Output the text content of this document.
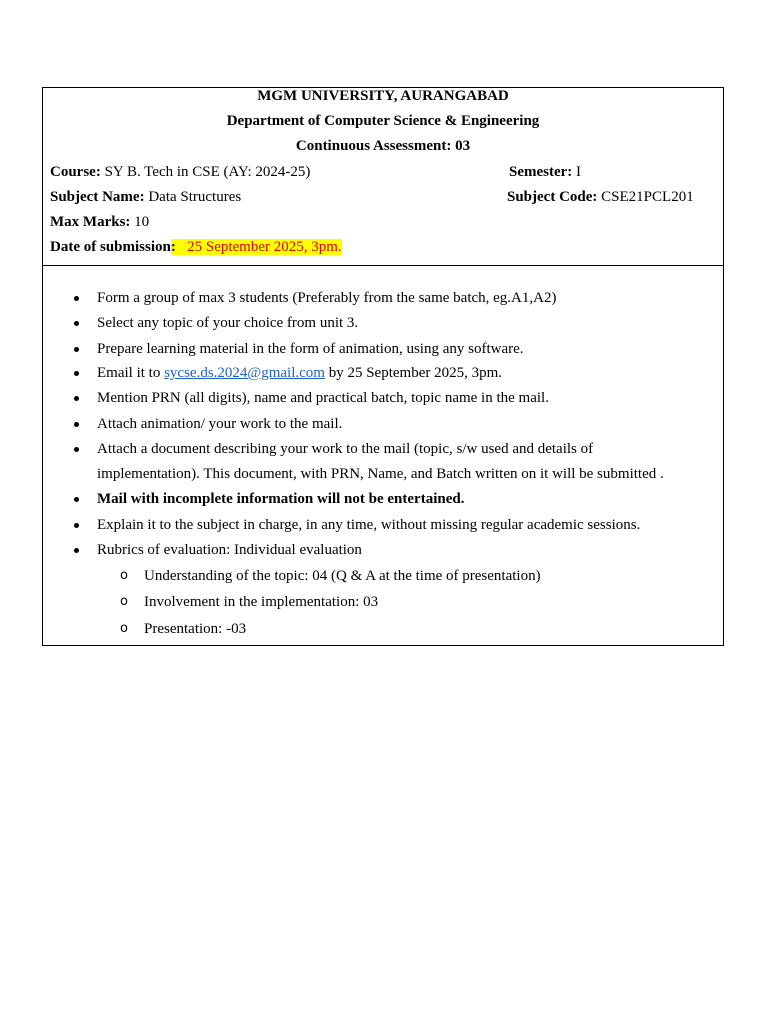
MGM UNIVERSITY, AURANGABAD
Department of Computer Science & Engineering
Continuous Assessment: 03
Course: SY B. Tech in CSE (AY: 2024-25)	Semester: I
Subject Name: Data Structures	Subject Code: CSE21PCL201
Max Marks: 10
Date of submission: 25 September 2025, 3pm.
Form a group of max 3 students (Preferably from the same batch, eg.A1,A2)
Select any topic of your choice from unit 3.
Prepare learning material in the form of animation, using any software.
Email it to sycse.ds.2024@gmail.com by 25 September 2025, 3pm.
Mention PRN (all digits), name and practical batch, topic name in the mail.
Attach animation/ your work to the mail.
Attach a document describing your work to the mail (topic, s/w used and details of
implementation). This document, with PRN, Name, and Batch written on it will be submitted .
Mail with incomplete information will not be entertained.
Explain it to the subject in charge, in any time, without missing regular academic sessions.
Rubrics of evaluation: Individual evaluation
o Understanding of the topic: 04 (Q & A at the time of presentation)
o Involvement in the implementation: 03
o Presentation: -03
